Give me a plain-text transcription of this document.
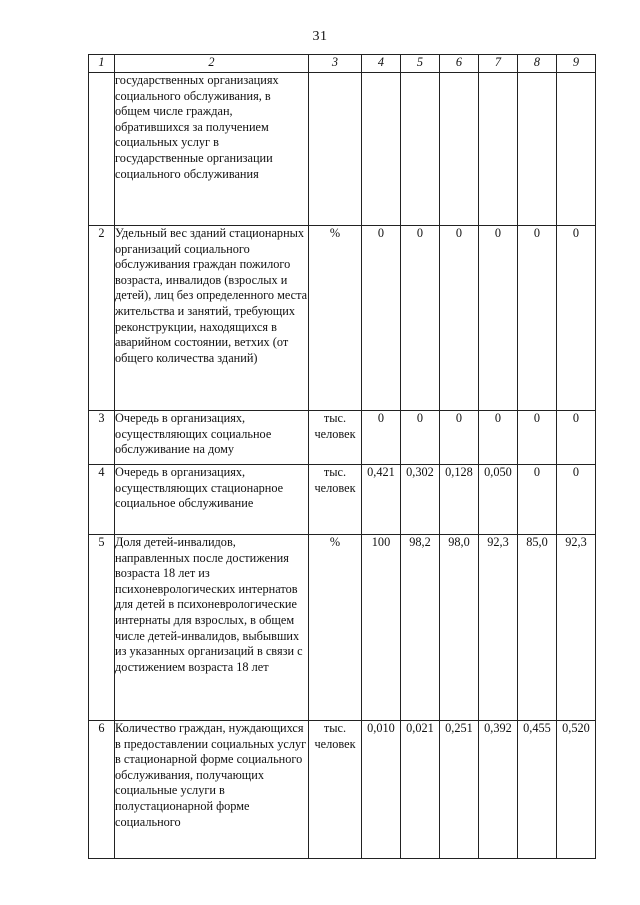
31
1	2	3	4	5	6	7	8	9
	государственных организациях социального обслуживания, в общем числе граждан, обратившихся за получением социальных услуг в государственные организации социального обслуживания							
2	Удельный вес зданий стационарных организаций социального обслуживания граждан пожилого возраста, инвалидов (взрослых и детей), лиц без определенного места жительства и занятий, требующих реконструкции, находящихся в аварийном состоянии, ветхих (от общего количества зданий)	%	0	0	0	0	0	0
3	Очередь в организациях, осуществляющих социальное обслуживание на дому	тыс. человек	0	0	0	0	0	0
4	Очередь в организациях, осуществляющих стационарное социальное обслуживание	тыс. человек	0,421	0,302	0,128	0,050	0	0
5	Доля детей-инвалидов, направленных после достижения возраста 18 лет из психоневрологических интернатов для детей в психоневрологические интернаты для взрослых, в общем числе детей-инвалидов, выбывших из указанных организаций в связи с достижением возраста 18 лет	%	100	98,2	98,0	92,3	85,0	92,3
6	Количество граждан, нуждающихся в предоставлении социальных услуг в стационарной форме социального обслуживания, получающих социальные услуги в полустационарной форме социального	тыс. человек	0,010	0,021	0,251	0,392	0,455	0,520
